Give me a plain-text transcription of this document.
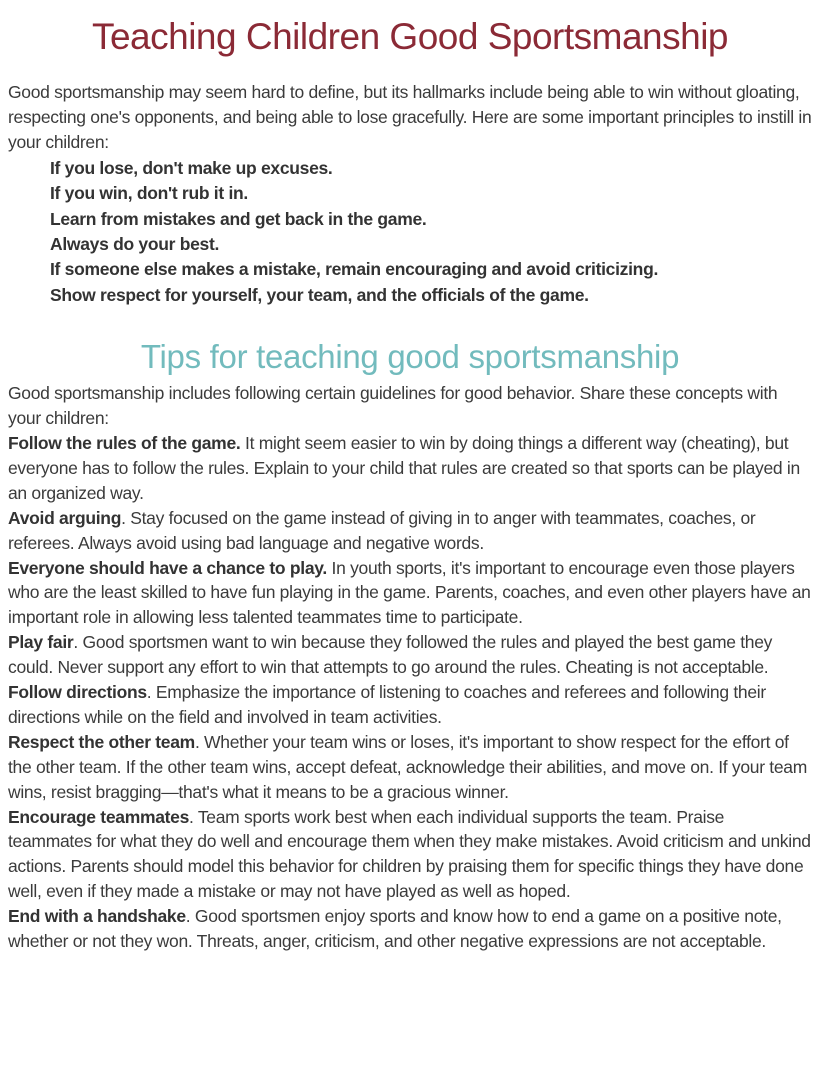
Teaching Children Good Sportsmanship

Good sportsmanship may seem hard to define, but its hallmarks include being able to win without gloating, respecting one's opponents, and being able to lose gracefully. Here are some important principles to instill in your children:

If you lose, don't make up excuses.
If you win, don't rub it in.
Learn from mistakes and get back in the game.
Always do your best.
If someone else makes a mistake, remain encouraging and avoid criticizing.
Show respect for yourself, your team, and the officials of the game.
Tips for teaching good sportsmanship

Good sportsmanship includes following certain guidelines for good behavior. Share these concepts with your children:

Follow the rules of the game. It might seem easier to win by doing things a different way (cheating), but everyone has to follow the rules. Explain to your child that rules are created so that sports can be played in an organized way.

Avoid arguing. Stay focused on the game instead of giving in to anger with teammates, coaches, or referees. Always avoid using bad language and negative words.

Everyone should have a chance to play. In youth sports, it's important to encourage even those players who are the least skilled to have fun playing in the game. Parents, coaches, and even other players have an important role in allowing less talented teammates time to participate.

Play fair. Good sportsmen want to win because they followed the rules and played the best game they could. Never support any effort to win that attempts to go around the rules. Cheating is not acceptable.

Follow directions. Emphasize the importance of listening to coaches and referees and following their directions while on the field and involved in team activities.

Respect the other team. Whether your team wins or loses, it's important to show respect for the effort of the other team. If the other team wins, accept defeat, acknowledge their abilities, and move on. If your team wins, resist bragging—that's what it means to be a gracious winner.

Encourage teammates. Team sports work best when each individual supports the team. Praise teammates for what they do well and encourage them when they make mistakes. Avoid criticism and unkind actions. Parents should model this behavior for children by praising them for specific things they have done well, even if they made a mistake or may not have played as well as hoped.

End with a handshake. Good sportsmen enjoy sports and know how to end a game on a positive note, whether or not they won. Threats, anger, criticism, and other negative expressions are not acceptable.
